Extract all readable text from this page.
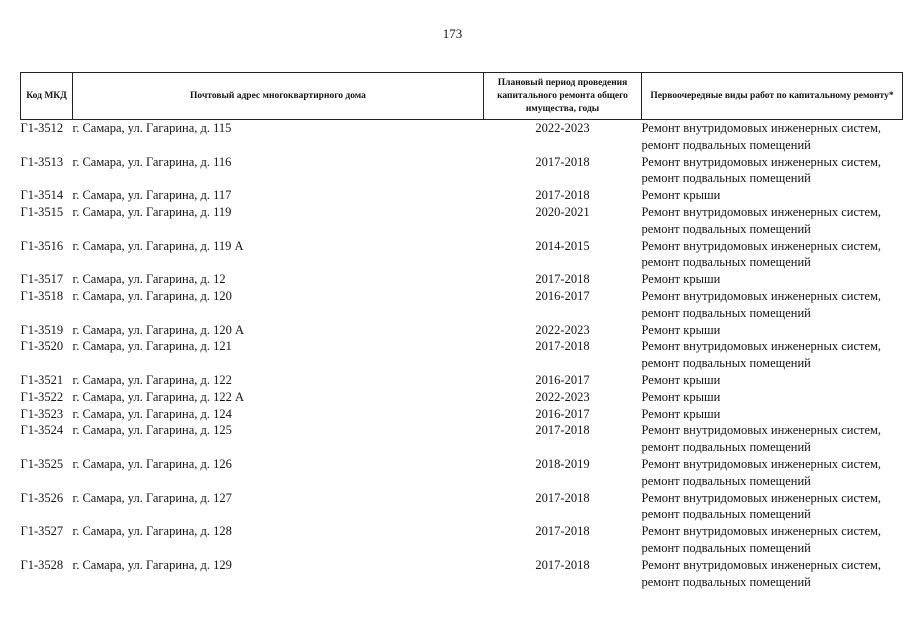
173
Код МКД	Почтовый адрес многоквартирного дома	Плановый период проведения капитального ремонта общего имущества, годы	Первоочередные виды работ по капитальному ремонту*
Г1-3512	г. Самара, ул. Гагарина, д. 115	2022-2023	Ремонт внутридомовых инженерных систем,
ремонт подвальных помещений

Г1-3513	г. Самара, ул. Гагарина, д. 116	2017-2018	Ремонт внутридомовых инженерных систем,
ремонт подвальных помещений

Г1-3514	г. Самара, ул. Гагарина, д. 117	2017-2018	Ремонт крыши

Г1-3515	г. Самара, ул. Гагарина, д. 119	2020-2021	Ремонт внутридомовых инженерных систем,
ремонт подвальных помещений

Г1-3516	г. Самара, ул. Гагарина, д. 119 А	2014-2015	Ремонт внутридомовых инженерных систем,
ремонт подвальных помещений

Г1-3517	г. Самара, ул. Гагарина, д. 12	2017-2018	Ремонт крыши

Г1-3518	г. Самара, ул. Гагарина, д. 120	2016-2017	Ремонт внутридомовых инженерных систем,
ремонт подвальных помещений

Г1-3519	г. Самара, ул. Гагарина, д. 120 А	2022-2023	Ремонт крыши

Г1-3520	г. Самара, ул. Гагарина, д. 121	2017-2018	Ремонт внутридомовых инженерных систем,
ремонт подвальных помещений

Г1-3521	г. Самара, ул. Гагарина, д. 122	2016-2017	Ремонт крыши

Г1-3522	г. Самара, ул. Гагарина, д. 122 А	2022-2023	Ремонт крыши

Г1-3523	г. Самара, ул. Гагарина, д. 124	2016-2017	Ремонт крыши

Г1-3524	г. Самара, ул. Гагарина, д. 125	2017-2018	Ремонт внутридомовых инженерных систем,
ремонт подвальных помещений

Г1-3525	г. Самара, ул. Гагарина, д. 126	2018-2019	Ремонт внутридомовых инженерных систем,
ремонт подвальных помещений

Г1-3526	г. Самара, ул. Гагарина, д. 127	2017-2018	Ремонт внутридомовых инженерных систем,
ремонт подвальных помещений

Г1-3527	г. Самара, ул. Гагарина, д. 128	2017-2018	Ремонт внутридомовых инженерных систем,
ремонт подвальных помещений

Г1-3528	г. Самара, ул. Гагарина, д. 129	2017-2018	Ремонт внутридомовых инженерных систем,
ремонт подвальных помещений
